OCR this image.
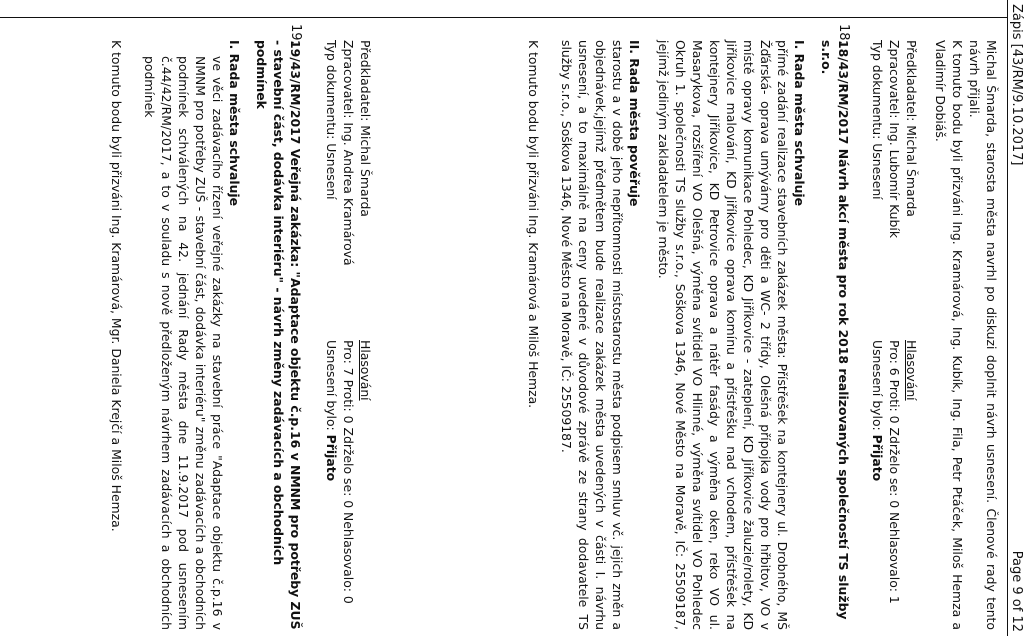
Zápis [43/RM/9.10.2017]
Page 9 of 12

Michal Šmarda, starosta města navrhl po diskuzi doplnit návrh usnesení. Členové rady tento návrh přijali.

K tomuto bodu byli přizváni Ing. Kramárová, Ing. Kubík, Ing. Fila, Petr Ptáček, Miloš Hemza a Vladimír Dobiáš.

Předkladatel: Michal Šmarda
Zpracovatel: Ing. Lubomír Kubík
Typ dokumentu: Usnesení
Hlasování
Pro: 6 Proti: 0 Zdrželo se: 0 Nehlasovalo: 1
Usnesení bylo: Přijato
18.

18/43/RM/2017 Návrh akcí města pro rok 2018 realizovaných společností TS služby s.r.o.

I. Rada města schvaluje

přímé zadání realizace stavebních zakázek města: Přístřešek na kontejnery ul. Drobného, MŠ Žďárská- oprava umývárny pro děti a WC- 2 třídy, Olešná přípojka vody pro hřbitov, VO v místě opravy komunikace Pohledec, KD Jiříkovice - zateplení, KD Jiříkovice žaluzie/rolety, KD Jiříkovice malování, KD Jiříkovice oprava komínu a přístřešku nad vchodem, přístřešek na kontejnery Jiříkovice, KD Petrovice oprava a nátěr fasády a výměna oken, reko VO ul. Masarykova, rozšíření VO Olešná, výměna svítidel VO Hlinné, výměna svítidel VO Pohledec Okruh 1. společnosti TS služby s.r.o., Soškova 1346, Nové Město na Moravě, IČ: 25509187, jejímž jediným zakladatelem je město.

II. Rada města pověřuje

starostu a v době jeho nepřítomnosti místostarostu města podpisem smluv vč. jejich změn a objednávek,jejímž předmětem bude realizace zakázek města uvedených v části I. návrhu usnesení, a to maximálně na ceny uvedené v důvodové zprávě ze strany dodavatele TS služby s.r.o., Soškova 1346, Nové Město na Moravě, IČ: 25509187.

K tomuto bodu byli přizváni Ing. Kramárová a Miloš Hemza.

Předkladatel: Michal Šmarda
Zpracovatel: Ing. Andrea Kramárová
Typ dokumentu: Usnesení
Hlasování
Pro: 7 Proti: 0 Zdrželo se: 0 Nehlasovalo: 0
Usnesení bylo: Přijato
19.

19/43/RM/2017 Veřejná zakázka: "Adaptace objektu č.p.16 v NMNM pro potřeby ZUŠ - stavební část, dodávka interiéru" - návrh změny zadávacích a obchodních podmínek

I. Rada města schvaluje

ve věci zadávacího řízení veřejné zakázky na stavební práce "Adaptace objektu č.p.16 v NMNM pro potřeby ZUŠ - stavební část, dodávka interiéru" změnu zadávacích a obchodních podmínek schválených na 42. jednání Rady města dne 11.9.2017 pod usnesením č.44/42/RM/2017, a to v souladu s nově předloženým návrhem zadávacích a obchodních podmínek

K tomuto bodu byli přizváni Ing. Kramárová, Mgr. Daniela Krejčí a Miloš Hemza.
